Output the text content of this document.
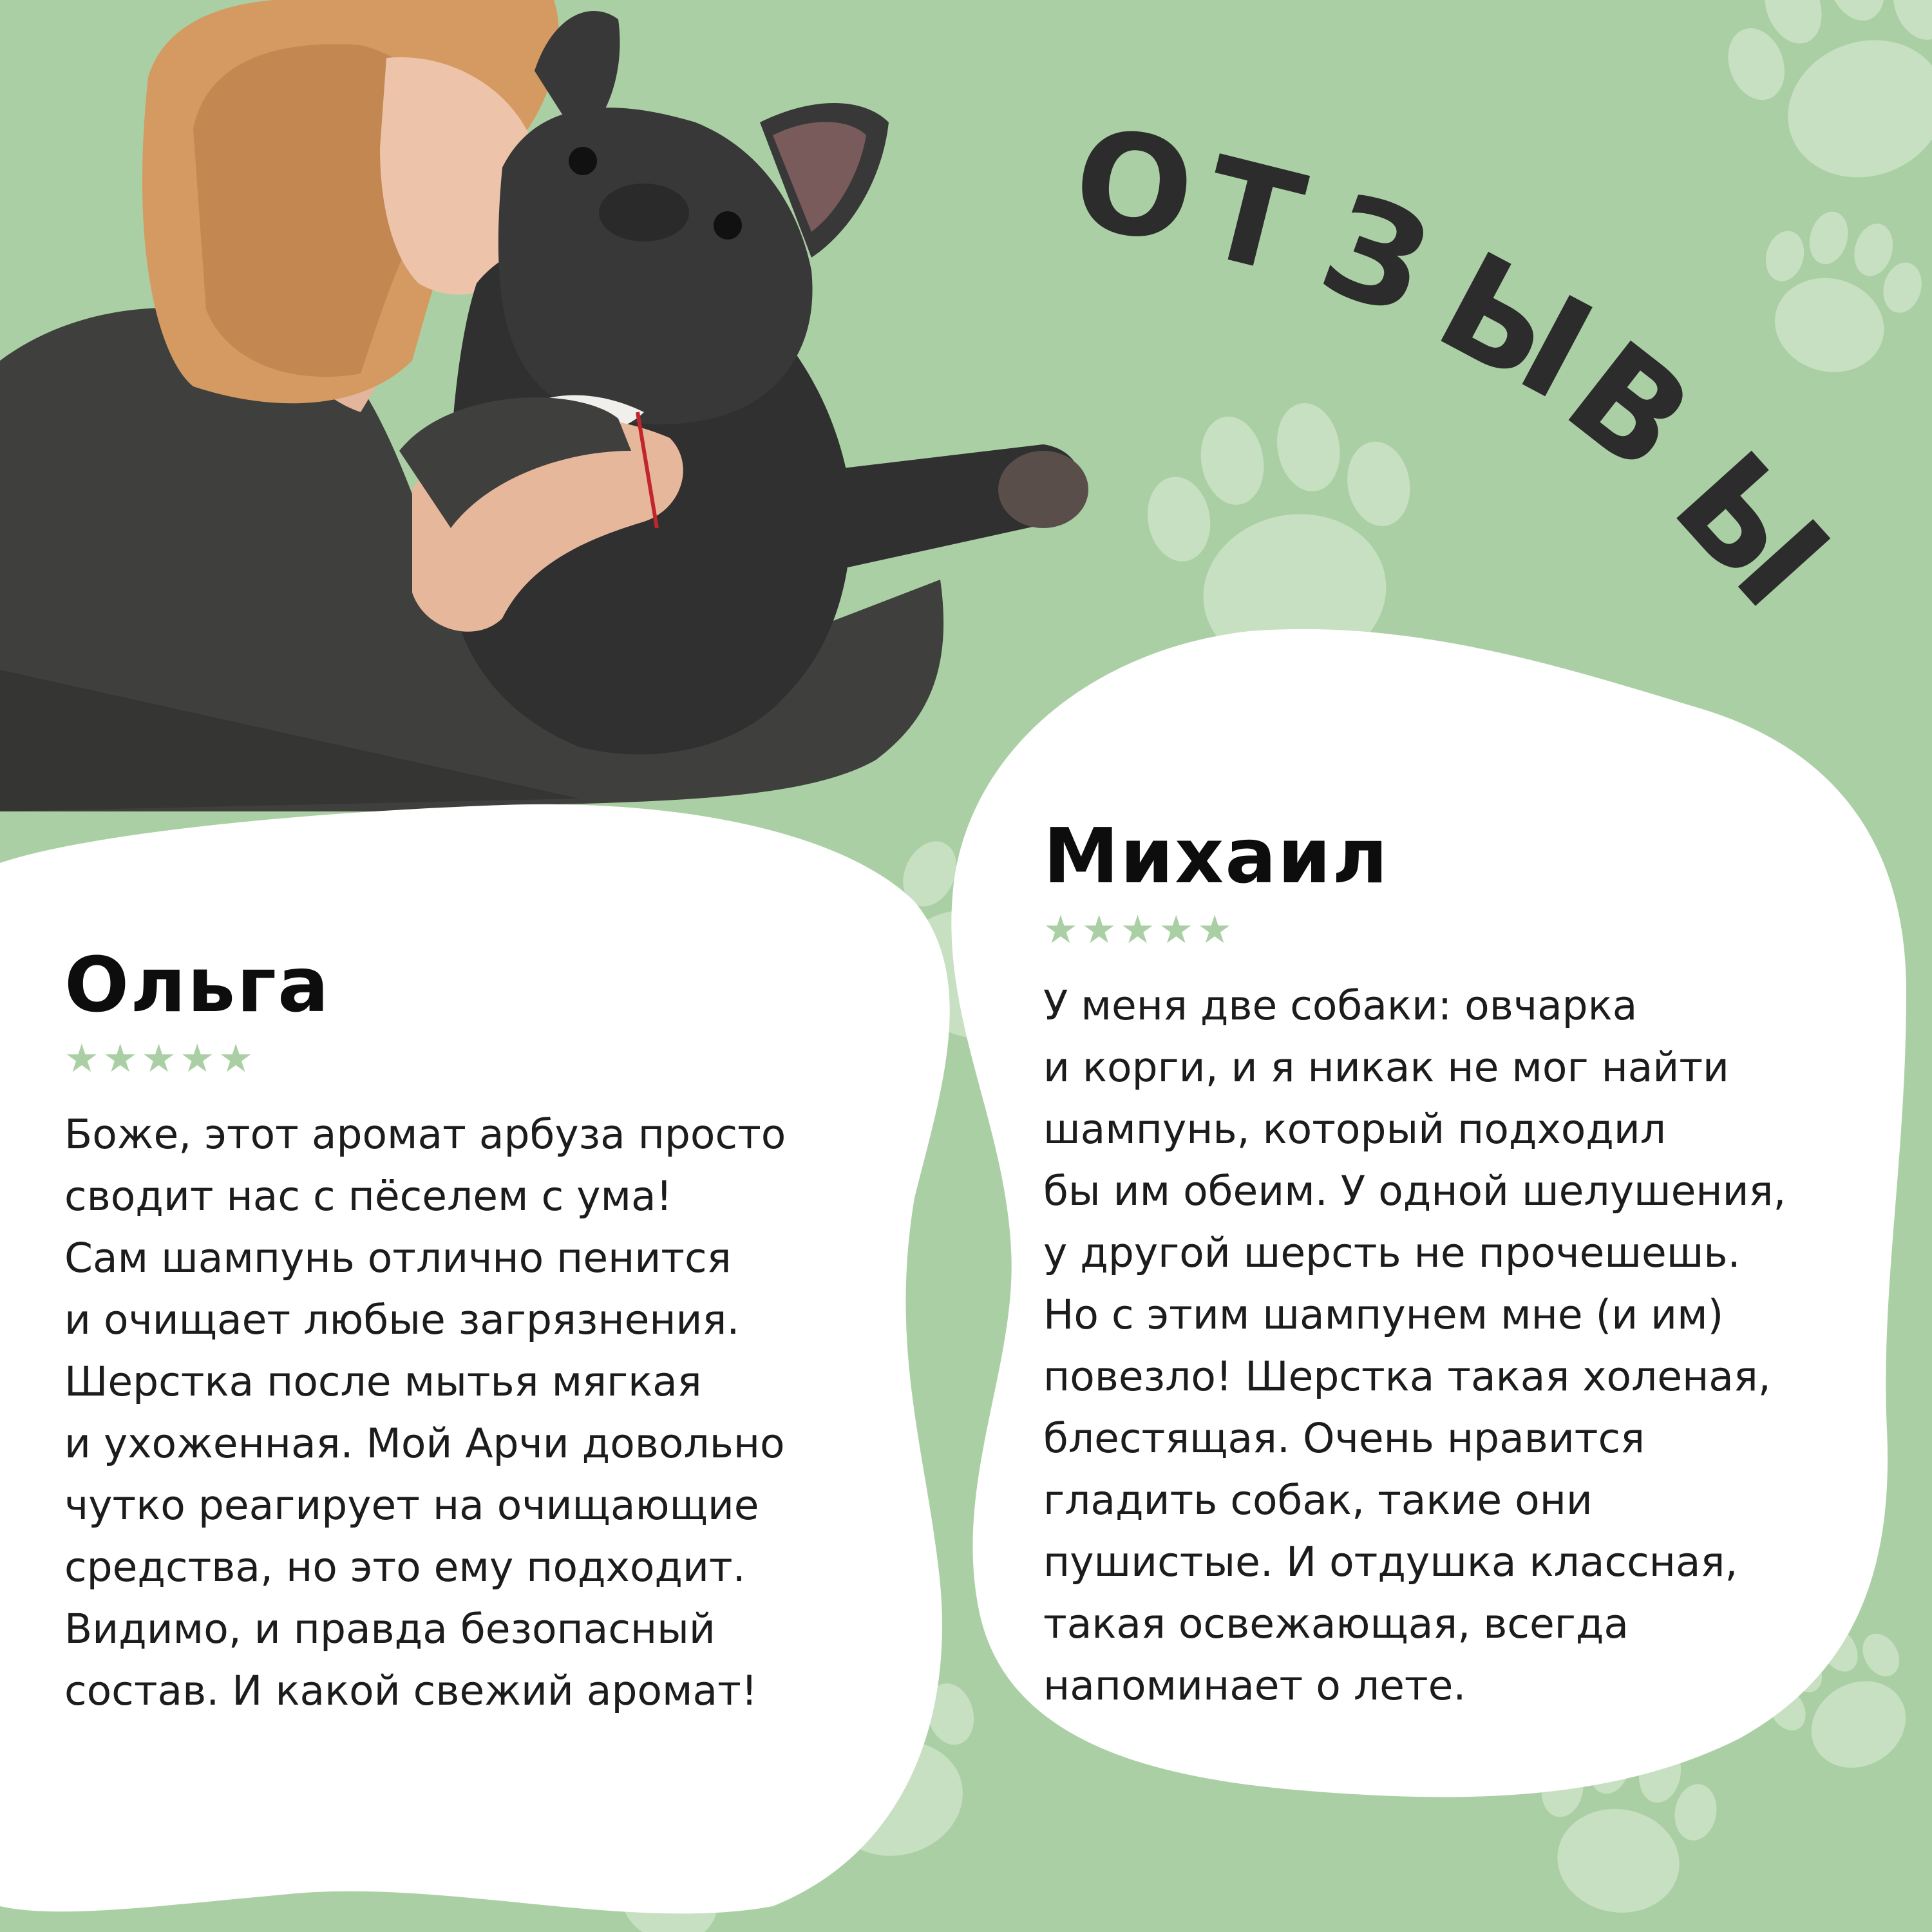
О
Т
З
Ы
В
Ы
Ольга
★ ★ ★ ★ ★
Боже, этот аромат арбуза просто
сводит нас с пёселем с ума!
Сам шампунь отлично пенится
и очищает любые загрязнения.
Шерстка после мытья мягкая
и ухоженная. Мой Арчи довольно
чутко реагирует на очищающие
средства, но это ему подходит.
Видимо, и правда безопасный
состав. И какой свежий аромат!
Михаил
★ ★ ★ ★ ★
У меня две собаки: овчарка
и корги, и я никак не мог найти
шампунь, который подходил
бы им обеим. У одной шелушения,
у другой шерсть не прочешешь.
Но с этим шампунем мне (и им)
повезло! Шерстка такая холеная,
блестящая. Очень нравится
гладить собак, такие они
пушистые. И отдушка классная,
такая освежающая, всегда
напоминает о лете.
